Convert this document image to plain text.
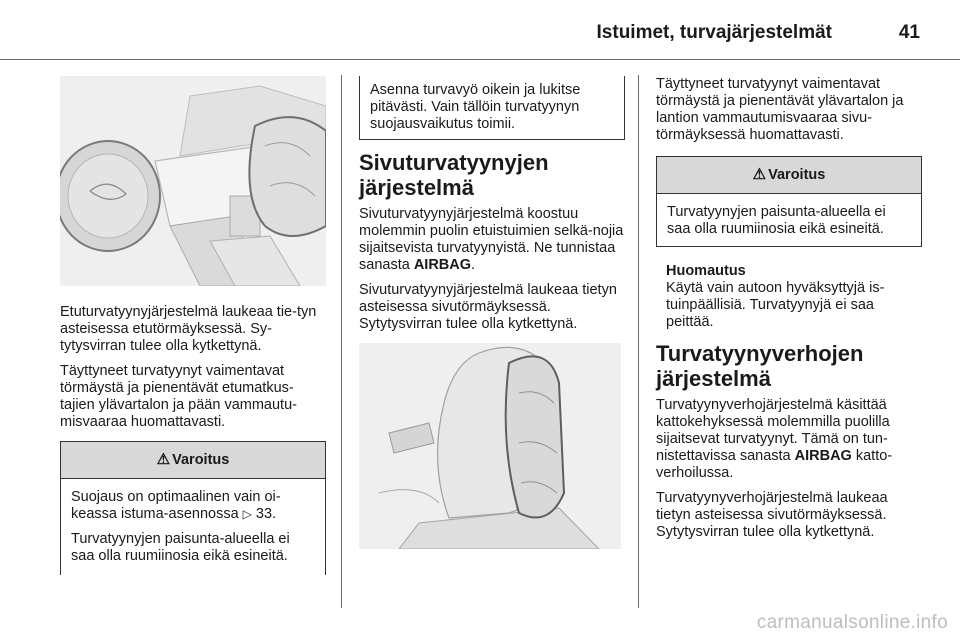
Istuimet, turvajärjestelmät	41

Etuturvatyynyjärjestelmä laukeaa tie-tyn asteisessa etutörmäyksessä. Sy-tytysvirran tulee olla kytkettynä.

Täyttyneet turvatyynyt vaimentavat törmäystä ja pienentävät etumatkus-tajien ylävartalon ja pään vammautu-misvaaraa huomattavasti.

⚠ Varoitus

Suojaus on optimaalinen vain oi-keassa istuma-asennossa ▷ 33.

Turvatyynyjen paisunta-alueella ei saa olla ruumiinosia eikä esineitä.

Asenna turvavyö oikein ja lukitse pitävästi. Vain tällöin turvatyynyn suojausvaikutus toimii.
Sivuturvatyynyjen järjestelmä

Sivuturvatyynyjärjestelmä koostuu molemmin puolin etuistuimien selkä-nojia sijaitsevista turvatyynyistä. Ne tunnistaa sanasta AIRBAG.

Sivuturvatyynyjärjestelmä laukeaa tietyn asteisessa sivutörmäyksessä. Sytytysvirran tulee olla kytkettynä.

Täyttyneet turvatyynyt vaimentavat törmäystä ja pienentävät ylävartalon ja lantion vammautumisvaaraa sivu-törmäyksessä huomattavasti.

⚠ Varoitus

Turvatyynyjen paisunta-alueella ei saa olla ruumiinosia eikä esineitä.

Huomautus

Käytä vain autoon hyväksyttyjä is-tuinpäällisiä. Turvatyynyjä ei saa peittää.

Turvatyynyverhojen järjestelmä

Turvatyynyverhojärjestelmä käsittää kattokehyksessä molemmilla puolilla sijaitsevat turvatyynyt. Tämä on tun-nistettavissa sanasta AIRBAG katto-verhoilussa.

Turvatyynyverhojärjestelmä laukeaa tietyn asteisessa sivutörmäyksessä. Sytytysvirran tulee olla kytkettynä.

carmanualsonline.info
